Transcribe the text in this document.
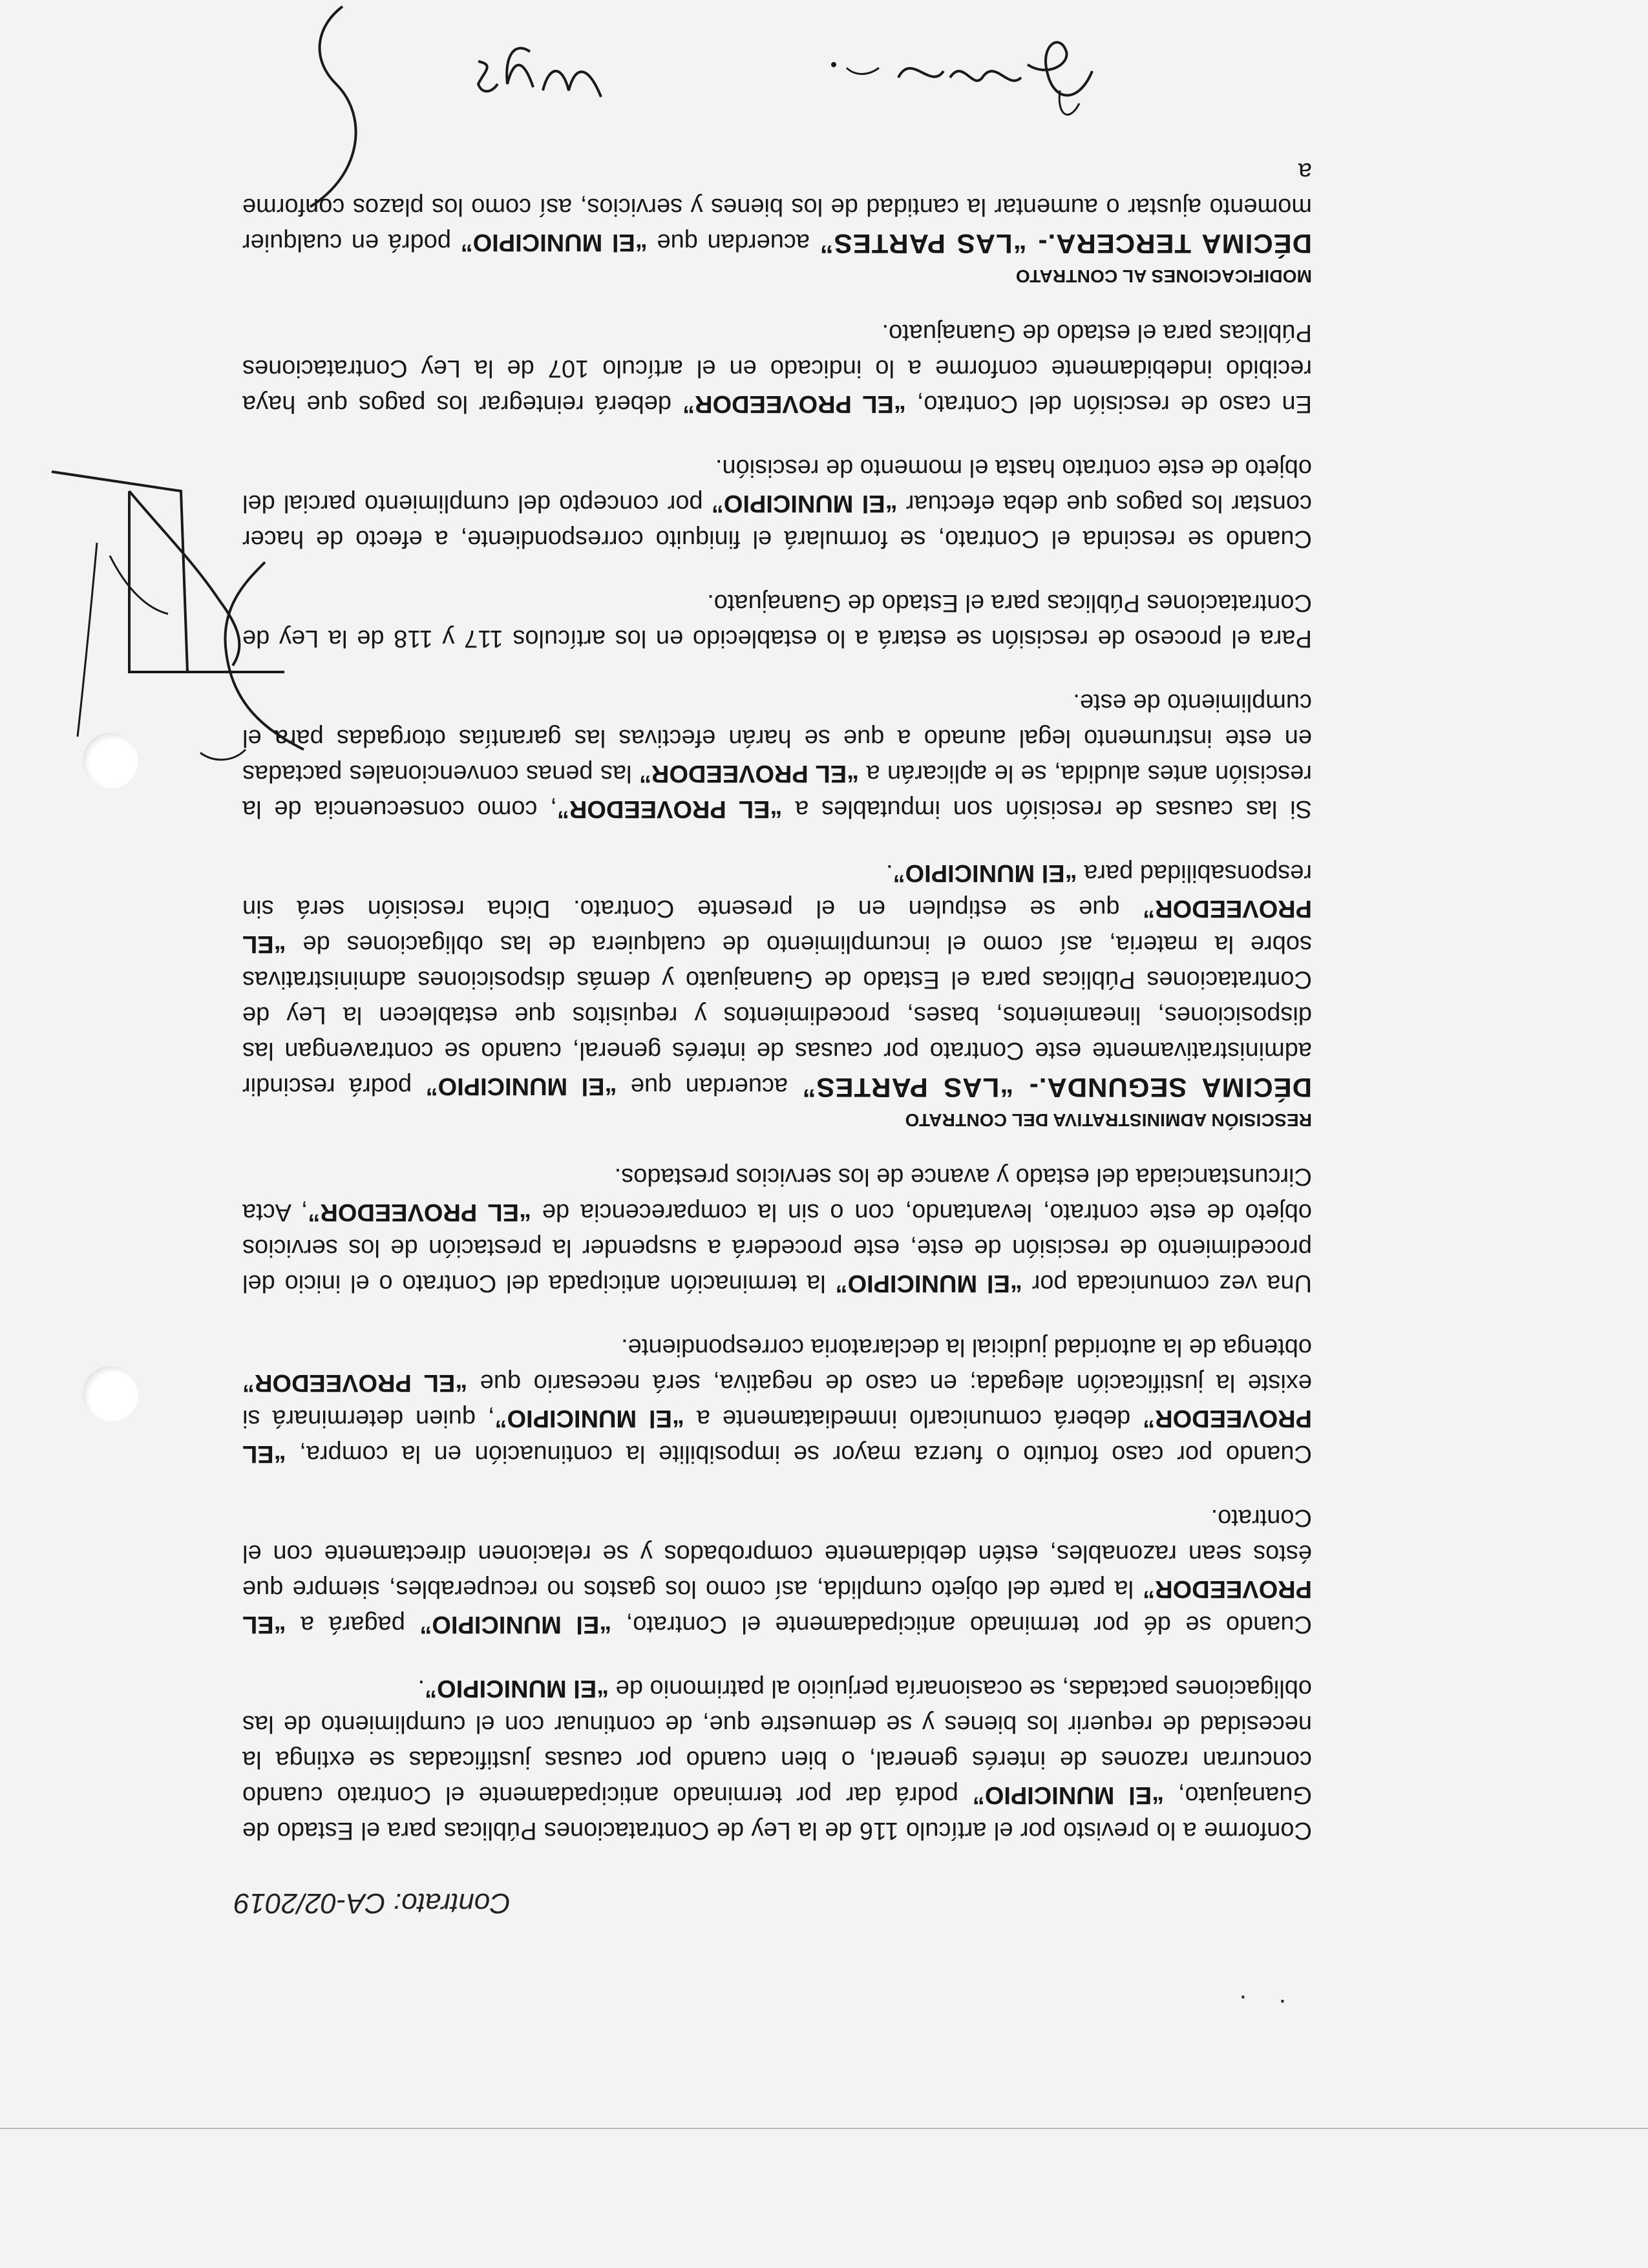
.
·
Contrato: CA-02/2019

Conforme a lo previsto por el artículo 116 de la Ley de Contrataciones Públicas para el Estado de Guanajuato, “El MUNICIPIO” podrá dar por terminado anticipadamente el Contrato cuando concurran razones de interés general, o bien cuando por causas justificadas se extinga la necesidad de requerir los bienes y se demuestre que, de continuar con el cumplimiento de las obligaciones pactadas, se ocasionaría perjuicio al patrimonio de “El MUNICIPIO”.

Cuando se dé por terminado anticipadamente el Contrato, “El MUNICIPIO” pagará a “EL PROVEEDOR” la parte del objeto cumplida, así como los gastos no recuperables, siempre que éstos sean razonables, estén debidamente comprobados y se relacionen directamente con el Contrato.

Cuando por caso fortuito o fuerza mayor se imposibilite la continuación en la compra, “EL PROVEEDOR” deberá comunicarlo inmediatamente a “El MUNICIPIO”, quien determinará si existe la justificación alegada; en caso de negativa, será necesario que “EL PROVEEDOR” obtenga de la autoridad judicial la declaratoria correspondiente.

Una vez comunicada por “El MUNICIPIO” la terminación anticipada del Contrato o el inicio del procedimiento de rescisión de este, este procederá a suspender la prestación de los servicios objeto de este contrato, levantando, con o sin la comparecencia de “EL PROVEEDOR”, Acta Circunstanciada del estado y avance de los servicios prestados.

RESCISIÓN ADMINISTRATIVA DEL CONTRATO

DÉCIMA SEGUNDA.- “LAS PARTES” acuerdan que “El MUNICIPIO” podrá rescindir administrativamente este Contrato por causas de interés general, cuando se contravengan las disposiciones, lineamientos, bases, procedimientos y requisitos que establecen la Ley de Contrataciones Públicas para el Estado de Guanajuato y demás disposiciones administrativas sobre la materia, así como el incumplimiento de cualquiera de las obligaciones de “EL PROVEEDOR” que se estipulen en el presente Contrato. Dicha rescisión será sin responsabilidad para “El MUNICIPIO”.

Si las causas de rescisión son imputables a “EL PROVEEDOR”, como consecuencia de la rescisión antes aludida, se le aplicarán a “EL PROVEEDOR” las penas convencionales pactadas en este instrumento legal aunado a que se harán efectivas las garantías otorgadas para el cumplimiento de este.

Para el proceso de rescisión se estará a lo establecido en los artículos 117 y 118 de la Ley de Contrataciones Públicas para el Estado de Guanajuato.

Cuando se rescinda el Contrato, se formulará el finiquito correspondiente, a efecto de hacer constar los pagos que deba efectuar “El MUNICIPIO” por concepto del cumplimiento parcial del objeto de este contrato hasta el momento de rescisión.

En caso de rescisión del Contrato, “EL PROVEEDOR” deberá reintegrar los pagos que haya recibido indebidamente conforme a lo indicado en el artículo 107 de la Ley Contrataciones Públicas para el estado de Guanajuato.

MODIFICACIONES AL CONTRATO

DÉCIMA TERCERA.- “LAS PARTES” acuerdan que “El MUNICIPIO” podrá en cualquier momento ajustar o aumentar la cantidad de los bienes y servicios, así como los plazos conforme a
